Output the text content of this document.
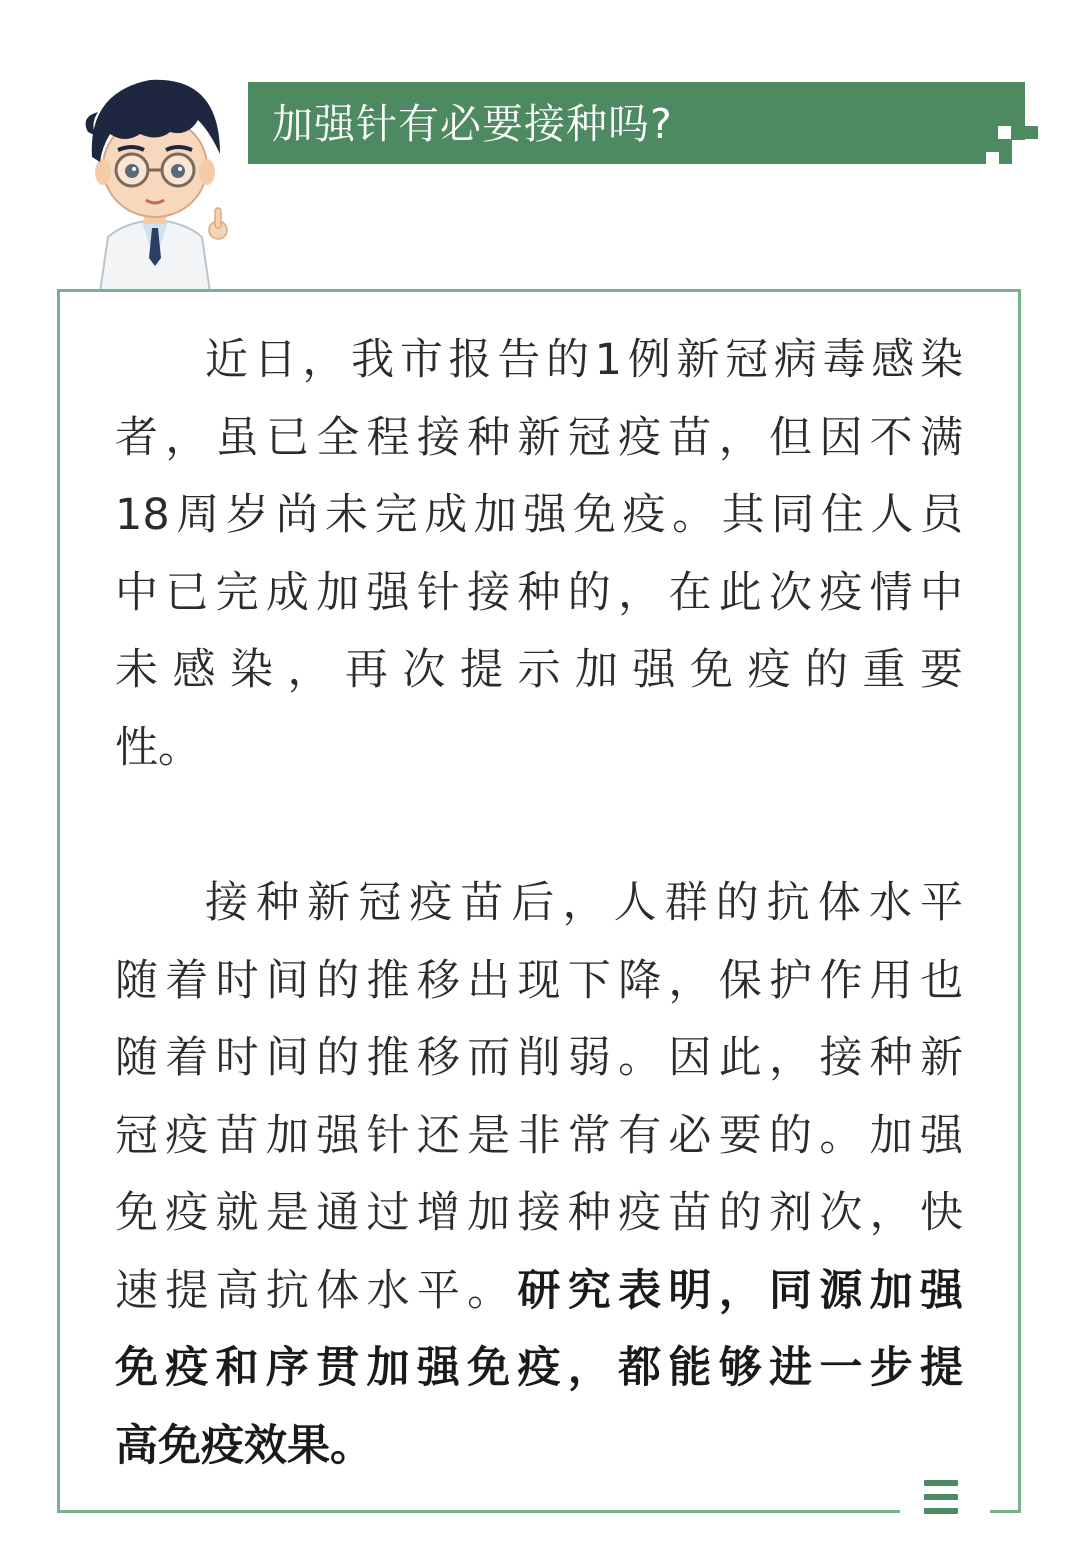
加强针有必要接种吗?
近日，我市报告的1例新冠病毒感染
者，虽已全程接种新冠疫苗，但因不满
18周岁尚未完成加强免疫。其同住人员
中已完成加强针接种的，在此次疫情中
未感染，再次提示加强免疫的重要
性。
接种新冠疫苗后，人群的抗体水平
随着时间的推移出现下降，保护作用也
随着时间的推移而削弱。因此，接种新
冠疫苗加强针还是非常有必要的。加强
免疫就是通过增加接种疫苗的剂次，快
速提高抗体水平。研究表明，同源加强
免疫和序贯加强免疫，都能够进一步提
高免疫效果。
